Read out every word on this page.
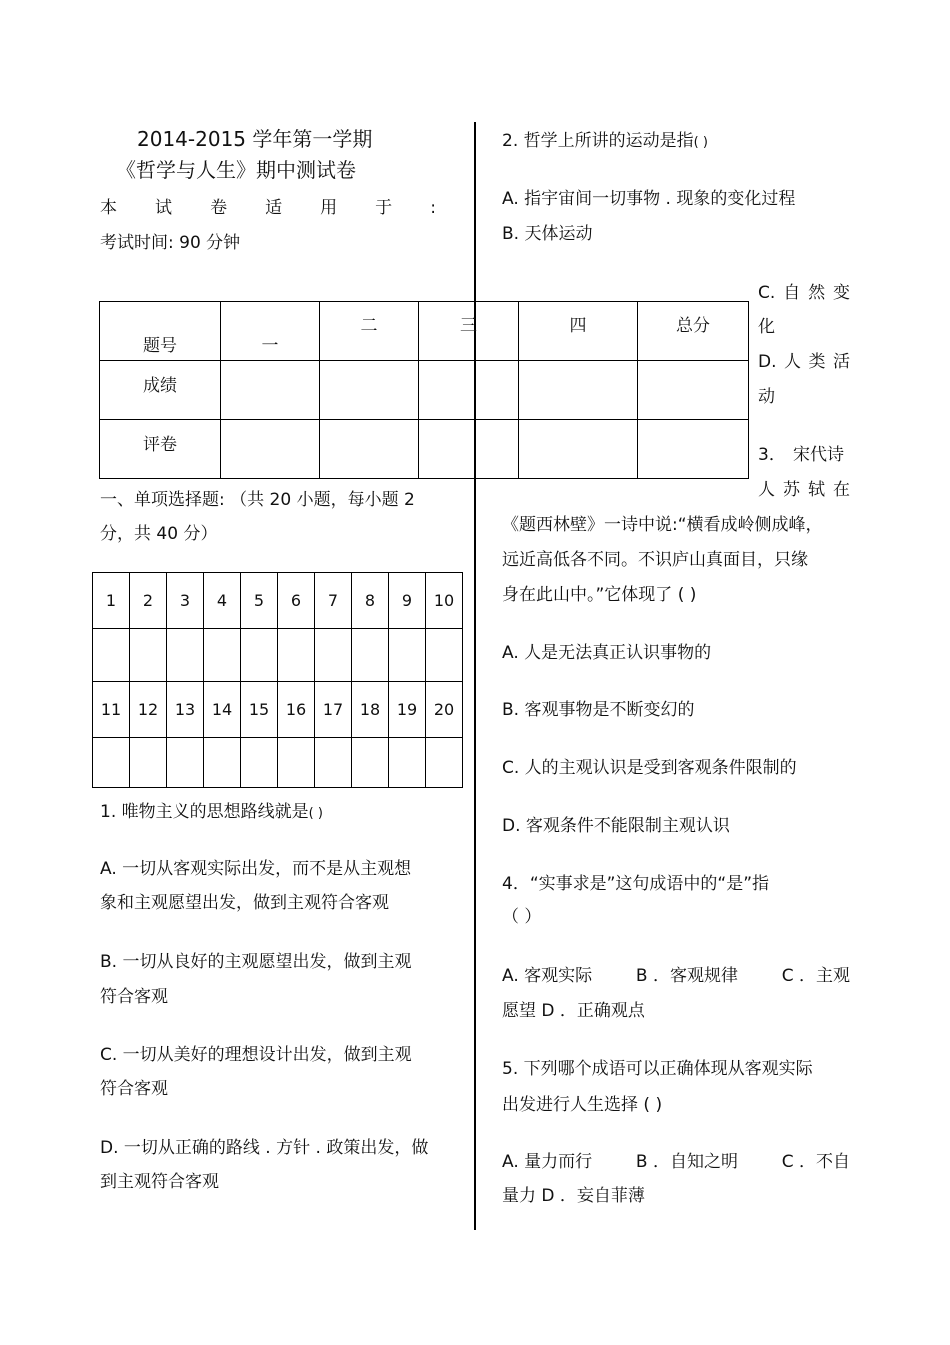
2014-2015 学年第一学期
《哲学与人生》期中测试卷
本 试 卷 适 用 于 :
考试时间: 90 分钟
题号	一	二	三	四	总分
成绩					
评卷					
一、单项选择题: （共 20 小题，每小题 2
分，共 40 分）
1	2	3	4	5	6	7	8	9	10

11	12	13	14	15	16	17	18	19	20

1. 唯物主义的思想路线就是( )
A. 一切从客观实际出发，而不是从主观想
象和主观愿望出发，做到主观符合客观
B. 一切从良好的主观愿望出发，做到主观
符合客观
C. 一切从美好的理想设计出发，做到主观
符合客观
D. 一切从正确的路线 . 方针 . 政策出发，做
到主观符合客观
2. 哲学上所讲的运动是指( )
A. 指宇宙间一切事物 . 现象的变化过程
B. 天体运动
C. 自 然 变
化
D. 人 类 活
动
3． 宋代诗
人 苏 轼 在
《题西林壁》一诗中说:“横看成岭侧成峰，
远近高低各不同。不识庐山真面目，只缘
身在此山中。”它体现了 ( )
A. 人是无法真正认识事物的
B. 客观事物是不断变幻的
C. 人的主观认识是受到客观条件限制的
D. 客观条件不能限制主观认识
4．“实事求是”这句成语中的“是”指
（ ）
A. 客观实际	B ．客观规律	C ．主观
愿望 D ．正确观点
5. 下列哪个成语可以正确体现从客观实际
出发进行人生选择 ( )
A. 量力而行	B ．自知之明	C ．不自
量力 D ．妄自菲薄
